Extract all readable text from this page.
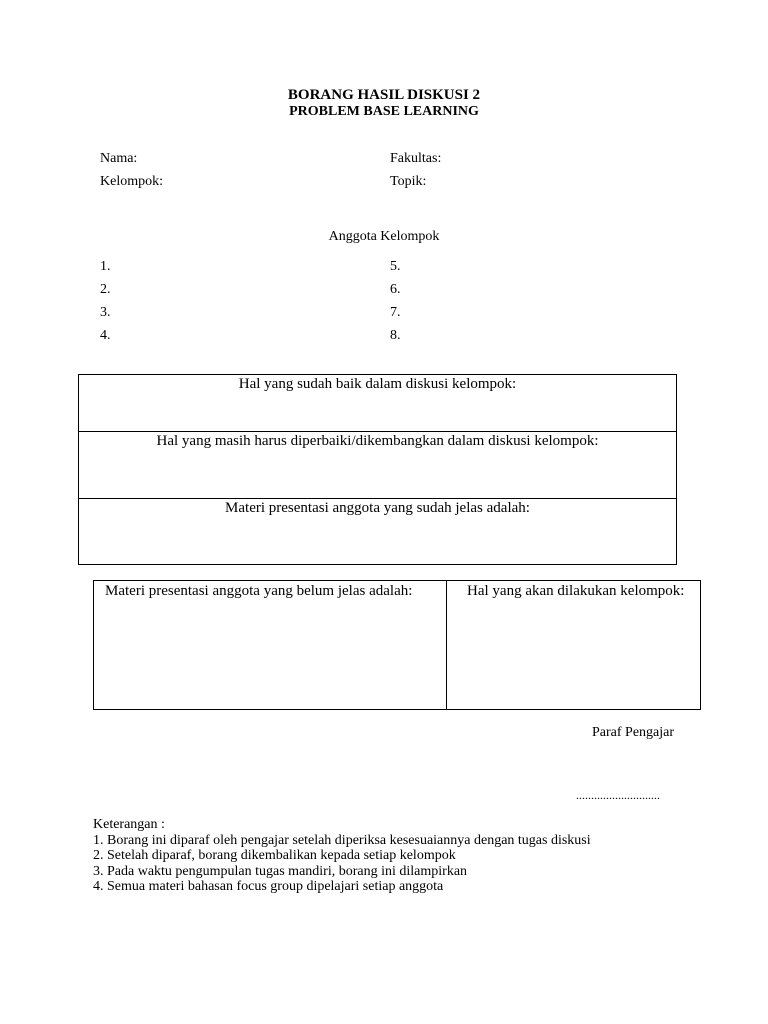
BORANG HASIL DISKUSI 2
PROBLEM BASE LEARNING
Nama:	Fakultas:
Kelompok:	Topik:
Anggota Kelompok
1.
2.
3.
4.
5.
6.
7.
8.
Hal yang sudah baik dalam diskusi kelompok:
Hal yang masih harus diperbaiki/dikembangkan dalam diskusi kelompok:
Materi presentasi anggota yang sudah jelas adalah:
Materi presentasi anggota yang belum jelas adalah:	Hal yang akan dilakukan kelompok:
Paraf Pengajar
............................
Keterangan :
1. Borang ini diparaf oleh pengajar setelah diperiksa kesesuaiannya dengan tugas diskusi
2. Setelah diparaf, borang dikembalikan kepada setiap kelompok
3. Pada waktu pengumpulan tugas mandiri, borang ini dilampirkan
4. Semua materi bahasan focus group dipelajari setiap anggota
